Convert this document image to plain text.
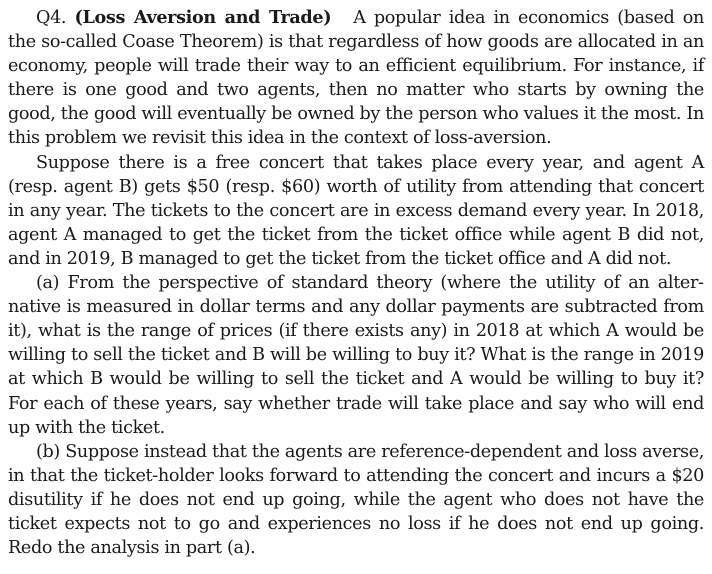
Q4. (Loss Aversion and Trade) A popular idea in economics (based on the so-called Coase Theorem) is that regardless of how goods are allocated in an economy, people will trade their way to an efficient equilibrium. For instance, if there is one good and two agents, then no matter who starts by owning the good, the good will eventually be owned by the person who values it the most. In this problem we revisit this idea in the context of loss-aversion.

Suppose there is a free concert that takes place every year, and agent A (resp. agent B) gets $50 (resp. $60) worth of utility from attending that concert in any year. The tickets to the concert are in excess demand every year. In 2018, agent A managed to get the ticket from the ticket office while agent B did not, and in 2019, B managed to get the ticket from the ticket office and A did not.

(a) From the perspective of standard theory (where the utility of an alternative is measured in dollar terms and any dollar payments are subtracted from it), what is the range of prices (if there exists any) in 2018 at which A would be willing to sell the ticket and B will be willing to buy it? What is the range in 2019 at which B would be willing to sell the ticket and A would be willing to buy it? For each of these years, say whether trade will take place and say who will end up with the ticket.

(b) Suppose instead that the agents are reference-dependent and loss averse, in that the ticket-holder looks forward to attending the concert and incurs a $20 disutility if he does not end up going, while the agent who does not have the ticket expects not to go and experiences no loss if he does not end up going. Redo the analysis in part (a).
